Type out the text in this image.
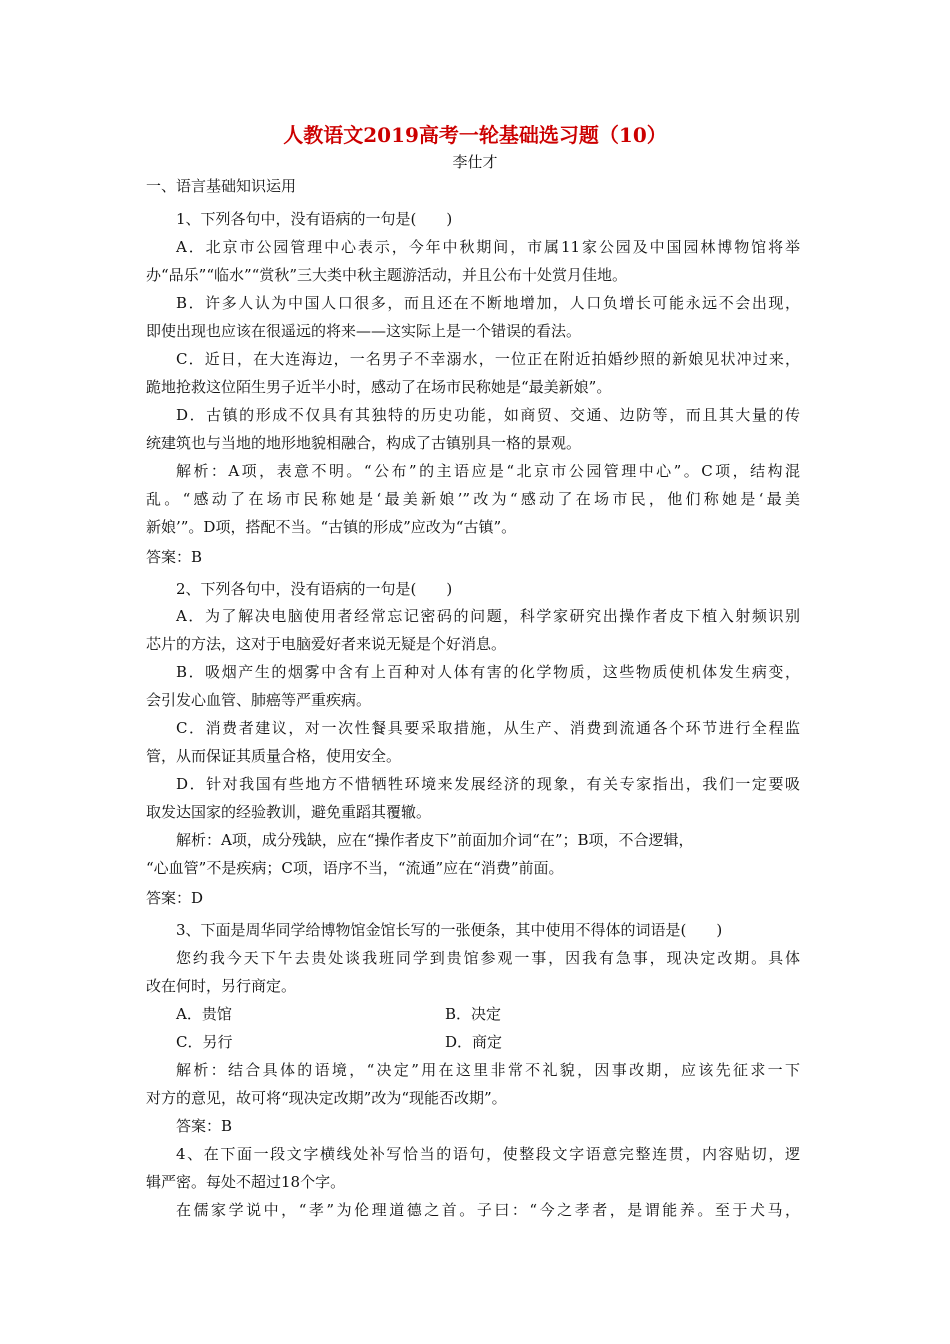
人教语文2019高考一轮基础选习题（10）
李仕才
一、语言基础知识运用
1、下列各句中，没有语病的一句是(　　)
A．北京市公园管理中心表示，今年中秋期间，市属11家公园及中国园林博物馆将举
办“品乐”“临水”“赏秋”三大类中秋主题游活动，并且公布十处赏月佳地。
B．许多人认为中国人口很多，而且还在不断地增加，人口负增长可能永远不会出现，
即使出现也应该在很遥远的将来——这实际上是一个错误的看法。
C．近日，在大连海边，一名男子不幸溺水，一位正在附近拍婚纱照的新娘见状冲过来，
跪地抢救这位陌生男子近半小时，感动了在场市民称她是“最美新娘”。
D．古镇的形成不仅具有其独特的历史功能，如商贸、交通、边防等，而且其大量的传
统建筑也与当地的地形地貌相融合，构成了古镇别具一格的景观。
解析：A项，表意不明。“公布”的主语应是“北京市公园管理中心”。C项，结构混
乱。“感动了在场市民称她是‘最美新娘’”改为“感动了在场市民，他们称她是‘最美
新娘’”。D项，搭配不当。“古镇的形成”应改为“古镇”。
答案：B
2、下列各句中，没有语病的一句是(　　)
A．为了解决电脑使用者经常忘记密码的问题，科学家研究出操作者皮下植入射频识别
芯片的方法，这对于电脑爱好者来说无疑是个好消息。
B．吸烟产生的烟雾中含有上百种对人体有害的化学物质，这些物质使机体发生病变，
会引发心血管、肺癌等严重疾病。
C．消费者建议，对一次性餐具要采取措施，从生产、消费到流通各个环节进行全程监
管，从而保证其质量合格，使用安全。
D．针对我国有些地方不惜牺牲环境来发展经济的现象，有关专家指出，我们一定要吸
取发达国家的经验教训，避免重蹈其覆辙。
解析：A项，成分残缺，应在“操作者皮下”前面加介词“在”；B项，不合逻辑，
“心血管”不是疾病；C项，语序不当，“流通”应在“消费”前面。
答案：D
3、下面是周华同学给博物馆金馆长写的一张便条，其中使用不得体的词语是(　　)
您约我今天下午去贵处谈我班同学到贵馆参观一事，因我有急事，现决定改期。具体
改在何时，另行商定。
A．贵馆	B．决定
C．另行	D．商定
解析：结合具体的语境，“决定”用在这里非常不礼貌，因事改期，应该先征求一下
对方的意见，故可将“现决定改期”改为“现能否改期”。
答案：B
4、在下面一段文字横线处补写恰当的语句，使整段文字语意完整连贯，内容贴切，逻
辑严密。每处不超过18个字。
在儒家学说中，“孝”为伦理道德之首。子曰：“今之孝者，是谓能养。至于犬马，
